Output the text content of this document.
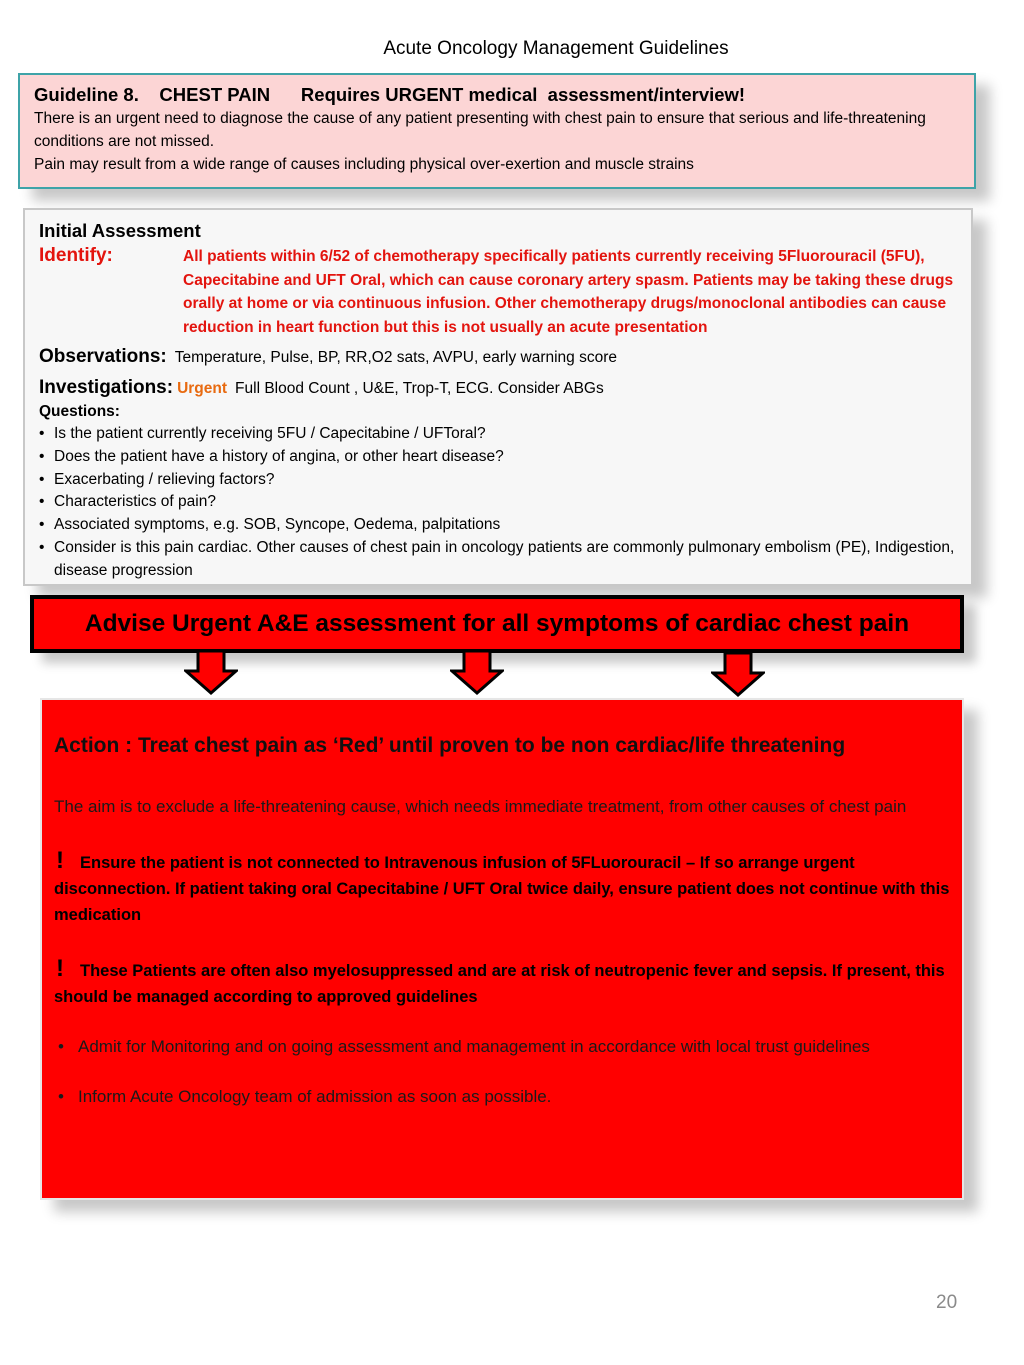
Acute Oncology Management Guidelines
Guideline 8.    CHEST PAIN      Requires URGENT medical  assessment/interview!
There is an urgent need to diagnose the cause of any patient presenting with chest pain to ensure that serious and life-threatening conditions are not missed.
Pain may result from a wide range of causes including physical over-exertion and muscle strains
Initial Assessment
Identify:	All patients within 6/52 of chemotherapy specifically patients currently receiving 5Fluorouracil (5FU), Capecitabine and UFT Oral, which can cause coronary artery spasm. Patients may be taking these drugs orally at home or via continuous infusion. Other chemotherapy drugs/monoclonal antibodies can cause reduction in heart function but this is not usually an acute presentation
Observations: Temperature, Pulse, BP, RR,O2 sats, AVPU, early warning score
Investigations: Urgent Full Blood Count , U&E, Trop-T, ECG. Consider ABGs
Questions:
• Is the patient currently receiving 5FU / Capecitabine / UFToral?
• Does the patient have a history of angina, or other heart disease?
• Exacerbating / relieving factors?
• Characteristics of pain?
• Associated symptoms, e.g. SOB, Syncope, Oedema, palpitations
• Consider is this pain cardiac. Other causes of chest pain in oncology patients are commonly pulmonary embolism (PE), Indigestion, disease progression
Advise Urgent A&E assessment for all symptoms of cardiac chest pain
Action : Treat chest pain as ‘Red’ until proven to be non cardiac/life threatening
The aim is to exclude a life-threatening cause, which needs immediate treatment, from other causes of chest pain
! Ensure the patient is not connected to Intravenous infusion of 5FLuorouracil – If so arrange urgent disconnection. If patient taking oral Capecitabine / UFT Oral twice daily, ensure patient does not continue with this medication
! These Patients are often also myelosuppressed and are at risk of neutropenic fever and sepsis. If present, this should be managed according to approved guidelines
• Admit for Monitoring and on going assessment and management in accordance with local trust guidelines
• Inform Acute Oncology team of admission as soon as possible.
20
